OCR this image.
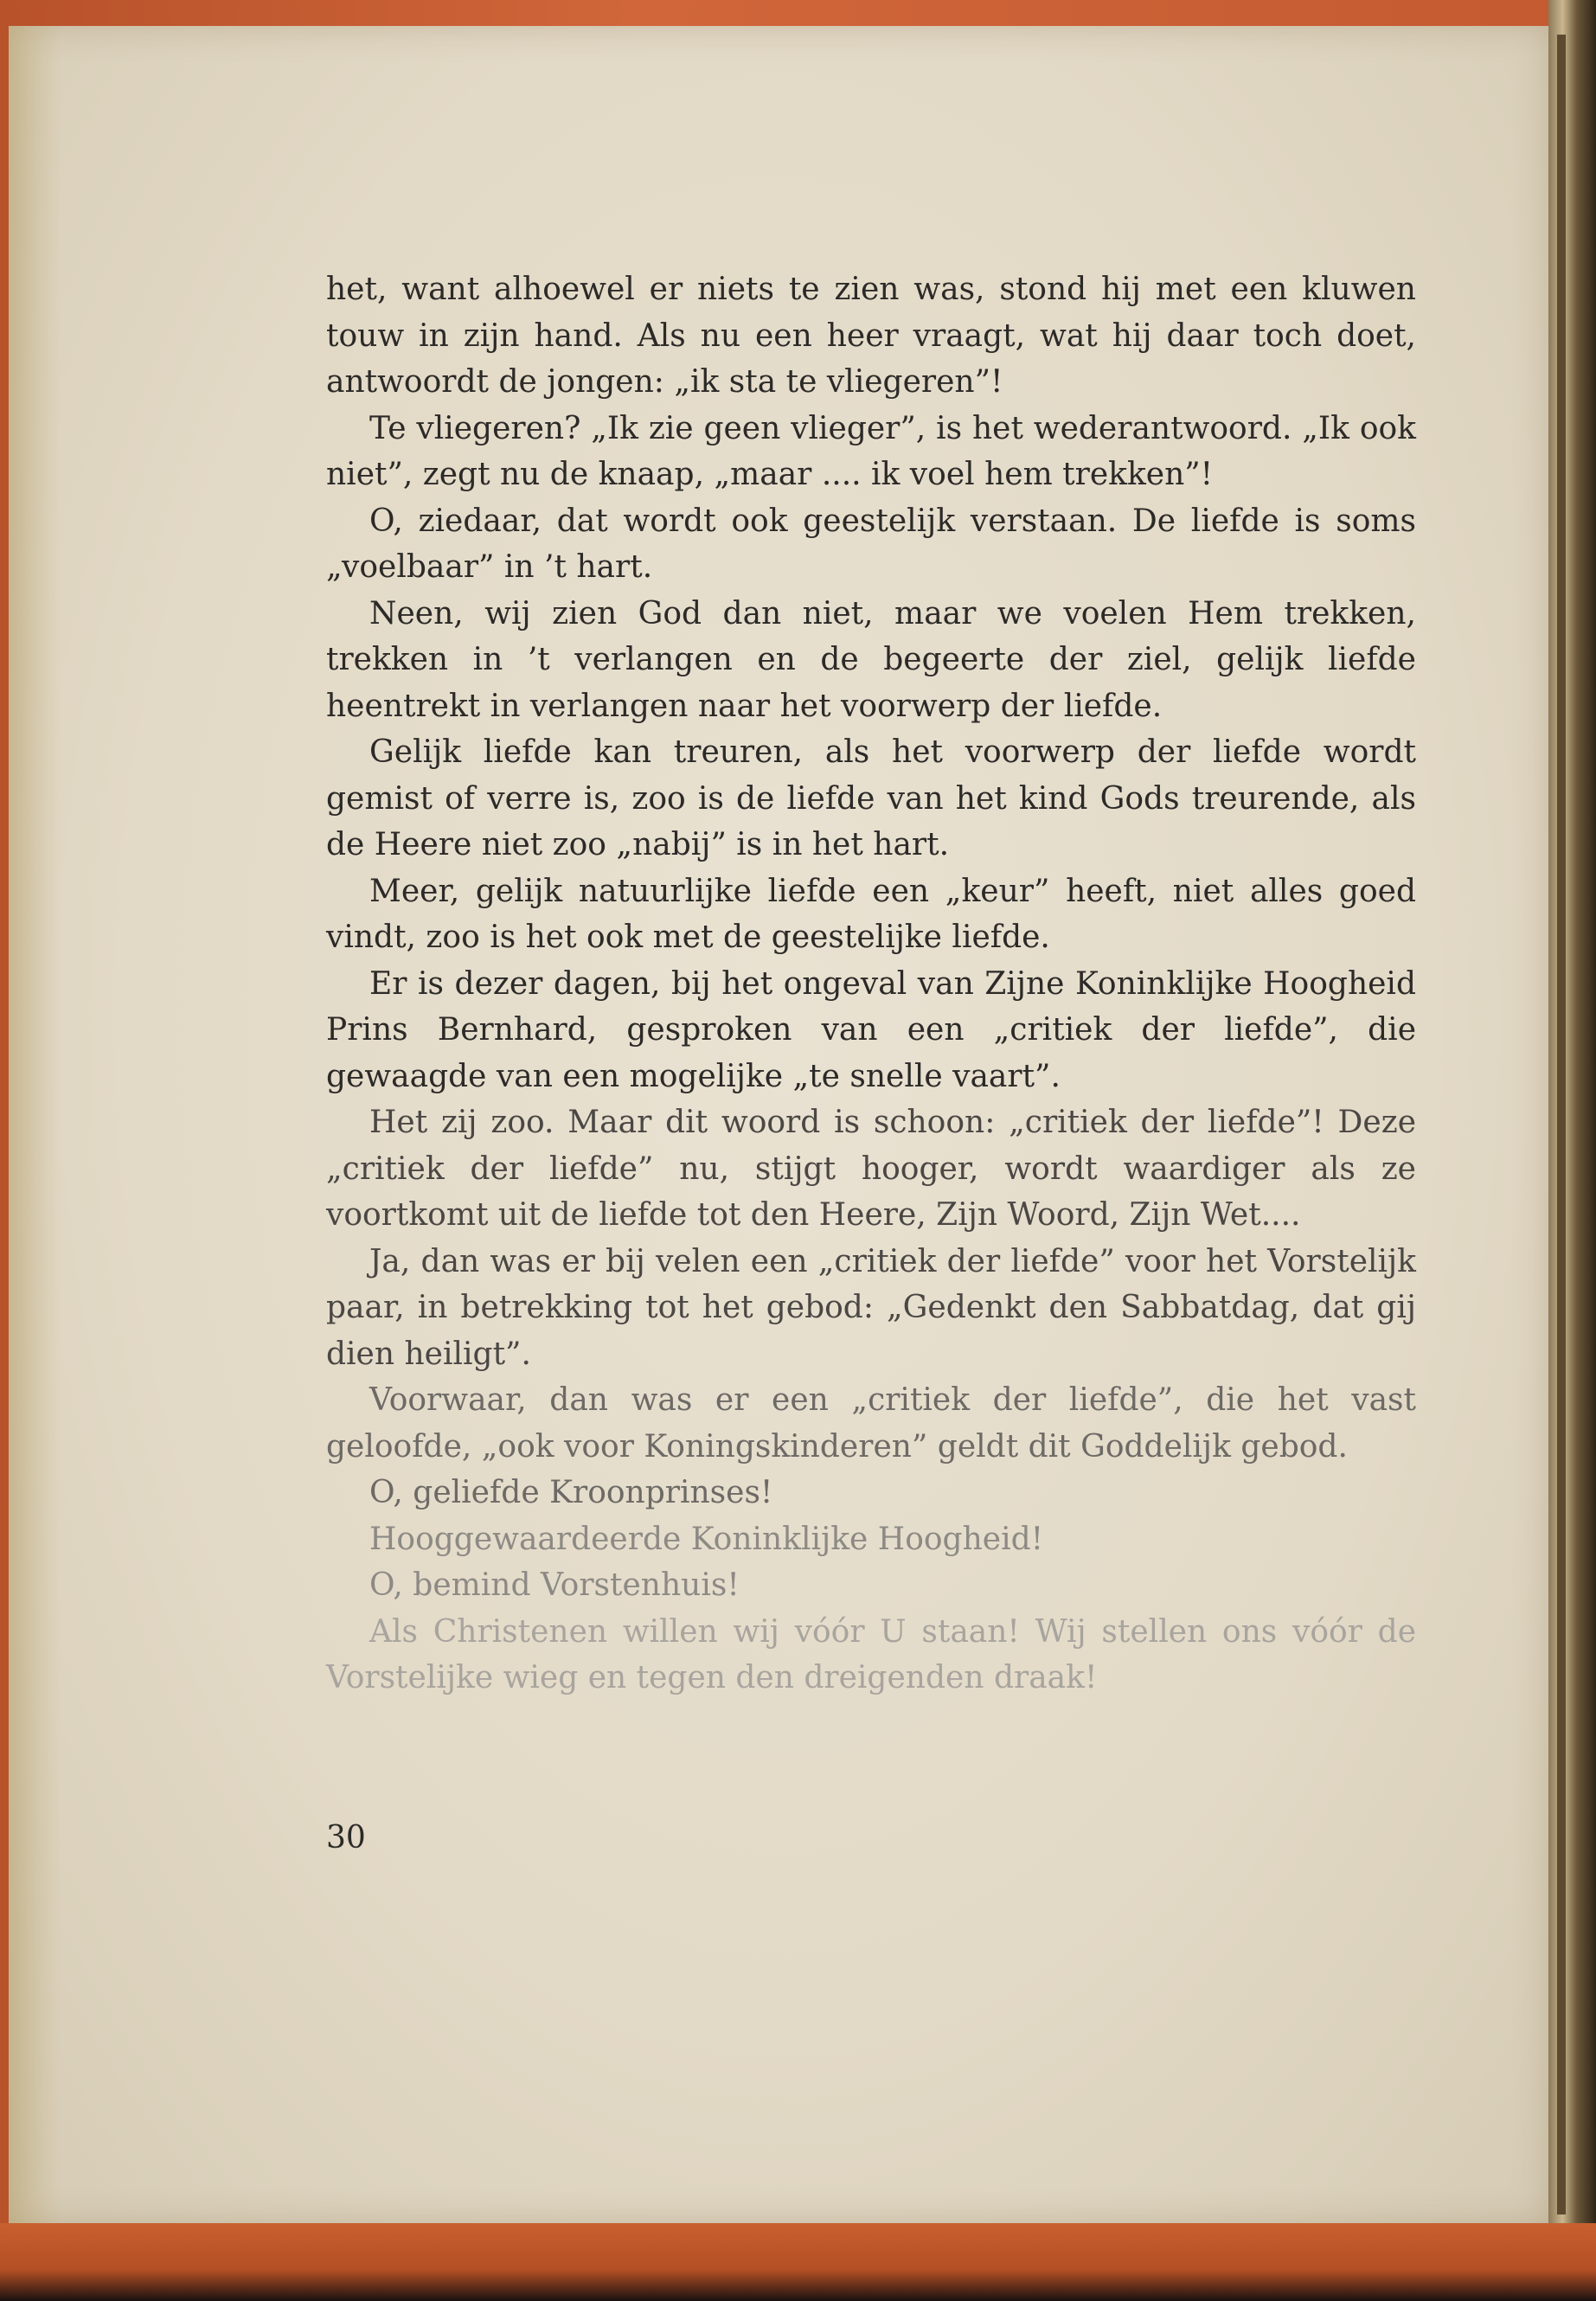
het, want alhoewel er niets te zien was, stond hij met een kluwen touw in zijn hand. Als nu een heer vraagt, wat hij daar toch doet, antwoordt de jongen: „ik sta te vliegeren”!

Te vliegeren? „Ik zie geen vlieger”, is het wederantwoord. „Ik ook niet”, zegt nu de knaap, „maar .... ik voel hem trekken”!

O, ziedaar, dat wordt ook geestelijk verstaan. De liefde is soms „voelbaar” in ’t hart.

Neen, wij zien God dan niet, maar we voelen Hem trekken, trekken in ’t verlangen en de begeerte der ziel, gelijk liefde heentrekt in verlangen naar het voorwerp der liefde.

Gelijk liefde kan treuren, als het voorwerp der liefde wordt gemist of verre is, zoo is de liefde van het kind Gods treurende, als de Heere niet zoo „nabij” is in het hart.

Meer, gelijk natuurlijke liefde een „keur” heeft, niet alles goed vindt, zoo is het ook met de geestelijke liefde.

Er is dezer dagen, bij het ongeval van Zijne Koninklijke Hoogheid Prins Bernhard, gesproken van een „critiek der liefde”, die gewaagde van een mogelijke „te snelle vaart”.

Het zij zoo. Maar dit woord is schoon: „critiek der liefde”! Deze „critiek der liefde” nu, stijgt hooger, wordt waardiger als ze voortkomt uit de liefde tot den Heere, Zijn Woord, Zijn Wet....

Ja, dan was er bij velen een „critiek der liefde” voor het Vorstelijk paar, in betrekking tot het gebod: „Gedenkt den Sabbatdag, dat gij dien heiligt”.

Voorwaar, dan was er een „critiek der liefde”, die het vast geloofde, „ook voor Koningskinderen” geldt dit Goddelijk gebod.

O, geliefde Kroonprinses!

Hooggewaardeerde Koninklijke Hoogheid!

O, bemind Vorstenhuis!

Als Christenen willen wij vóór U staan! Wij stellen ons vóór de Vorstelijke wieg en tegen den dreigenden draak!

30
